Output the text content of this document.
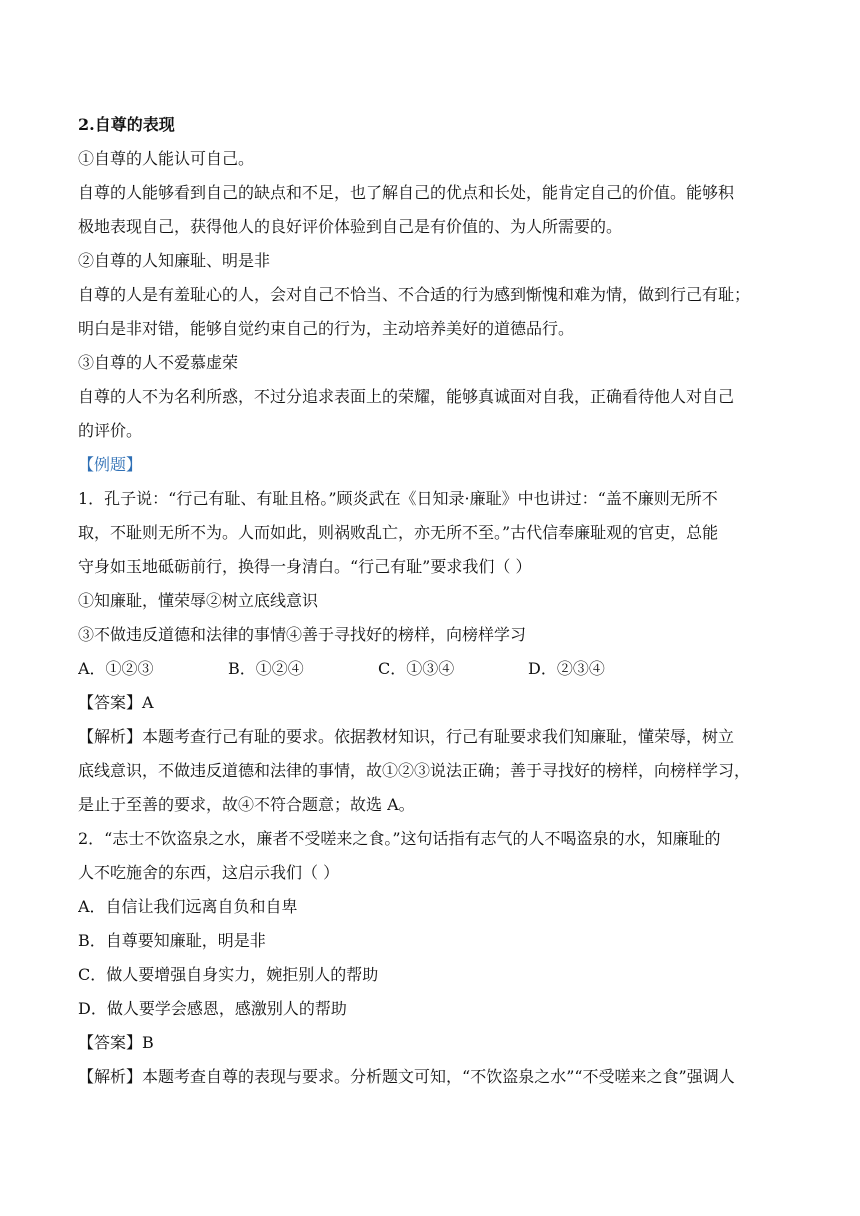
2.自尊的表现
①自尊的人能认可自己。
自尊的人能够看到自己的缺点和不足，也了解自己的优点和长处，能肯定自己的价值。能够积
极地表现自己，获得他人的良好评价体验到自己是有价值的、为人所需要的。
②自尊的人知廉耻、明是非
自尊的人是有羞耻心的人，会对自己不恰当、不合适的行为感到惭愧和难为情，做到行己有耻；
明白是非对错，能够自觉约束自己的行为，主动培养美好的道德品行。
③自尊的人不爱慕虚荣
自尊的人不为名利所惑，不过分追求表面上的荣耀，能够真诚面对自我，正确看待他人对自己
的评价。
【例题】
1．孔子说：“行己有耻、有耻且格。”顾炎武在《日知录·廉耻》中也讲过：“盖不廉则无所不
取，不耻则无所不为。人而如此，则祸败乱亡，亦无所不至。”古代信奉廉耻观的官吏，总能
守身如玉地砥砺前行，换得一身清白。“行己有耻”要求我们（ ）
①知廉耻，懂荣辱②树立底线意识
③不做违反道德和法律的事情④善于寻找好的榜样，向榜样学习
A．①②③	B．①②④	C．①③④	D．②③④
【答案】A
【解析】本题考查行己有耻的要求。依据教材知识，行己有耻要求我们知廉耻，懂荣辱，树立
底线意识，不做违反道德和法律的事情，故①②③说法正确；善于寻找好的榜样，向榜样学习，
是止于至善的要求，故④不符合题意；故选 A。
2．“志士不饮盗泉之水，廉者不受嗟来之食。”这句话指有志气的人不喝盗泉的水，知廉耻的
人不吃施舍的东西，这启示我们（ ）
A．自信让我们远离自负和自卑
B．自尊要知廉耻，明是非
C．做人要增强自身实力，婉拒别人的帮助
D．做人要学会感恩，感激别人的帮助
【答案】B
【解析】本题考查自尊的表现与要求。分析题文可知，“不饮盗泉之水”“不受嗟来之食”强调人
